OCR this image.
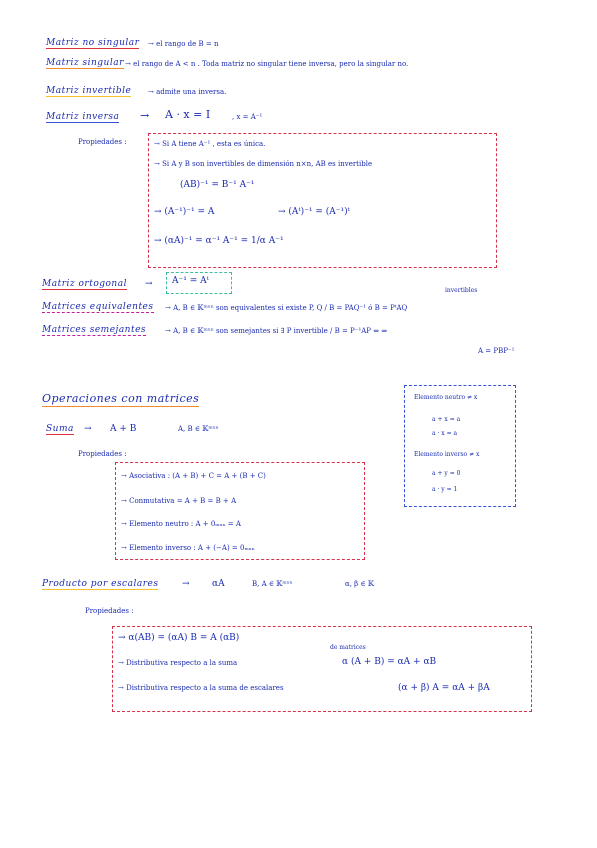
Matriz no singular → el rango de B = n
Matriz singular → el rango de A < n . Toda matriz no singular tiene inversa, pero la singular no.
Matriz invertible → admite una inversa.
Matriz inversa → A · x = I	, x = A⁻¹
Propiedades :	→ Si A tiene A⁻¹ , esta es única.
→ Si A y B son invertibles de dimensión n×n, AB es invertible
(AB)⁻¹ = B⁻¹ A⁻¹
→ (A⁻¹)⁻¹ = A	→ (Aᵗ)⁻¹ = (A⁻¹)ᵗ
→ (αA)⁻¹ = α⁻¹ A⁻¹ = 1/α A⁻¹
Matriz ortogonal → A⁻¹ = Aᵗ
invertibles
Matrices equivalentes → A, B ∈ 𝕂ᵐˣⁿ son equivalentes si existe P, Q / B = PAQ⁻¹ ó B = PᵗAQ
Matrices semejantes	→ A, B ∈ 𝕂ᵐˣⁿ son semejantes si ∃ P invertible / B = P⁻¹AP ⇔ ⇒
A = PBP⁻¹
Operaciones con matrices	Elemento neutro ≠ x
a + x = a
a · x = a
Elemento inverso ≠ x
a + y = 0
a · y = 1
Suma → A + B	A, B ∈ 𝕂ᵐˣⁿ
Propiedades :
→ Asociativa : (A + B) + C = A + (B + C)
→ Conmutativa = A + B = B + A
→ Elemento neutro : A + 0ₘₓₙ = A
→ Elemento inverso : A + (−A) = 0ₘₓₙ
Producto por escalares	→ αA	B, A ∈ 𝕂ᵐˣⁿ	α, β ∈ 𝕂
Propiedades :
→ α(AB) = (αA) B = A (αB)
de matrices
→ Distributiva respecto a la suma	α (A + B) = αA + αB
→ Distributiva respecto a la suma de escalares	(α + β) A = αA + βA
